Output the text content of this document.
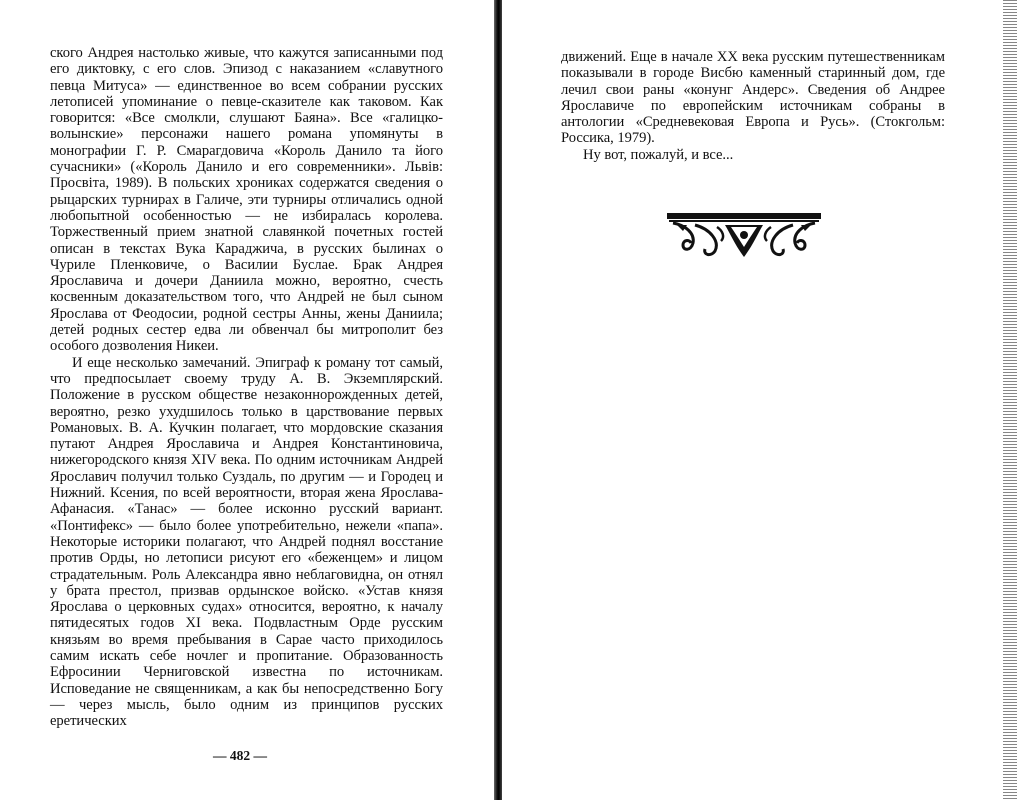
ского Андрея настолько живые, что кажутся записанными под его диктовку, с его слов. Эпизод с наказанием «славутного певца Митуса» — единственное во всем собрании русских летописей упоминание о певце-сказителе как таковом. Как говорится: «Все смолкли, слушают Баяна». Все «галицко-волынские» персонажи нашего романа упомянуты в монографии Г. Р. Смарагдовича «Король Данило та його сучасники» («Король Данило и его современники». Львів: Просвіта, 1989). В польских хрониках содержатся сведения о рыцарских турнирах в Галиче, эти турниры отличались одной любопытной особенностью — не избиралась королева. Торжественный прием знатной славянкой почетных гостей описан в текстах Вука Караджича, в русских былинах о Чуриле Пленковиче, о Василии Буслае. Брак Андрея Ярославича и дочери Даниила можно, вероятно, счесть косвенным доказательством того, что Андрей не был сыном Ярослава от Феодосии, родной сестры Анны, жены Даниила; детей родных сестер едва ли обвенчал бы митрополит без особого дозволения Никеи.

И еще несколько замечаний. Эпиграф к роману тот самый, что предпосылает своему труду А. В. Экземплярский. Положение в русском обществе незаконнорожденных детей, вероятно, резко ухудшилось только в царствование первых Романовых. В. А. Кучкин полагает, что мордовские сказания путают Андрея Ярославича и Андрея Константиновича, нижегородского князя XIV века. По одним источникам Андрей Ярославич получил только Суздаль, по другим — и Городец и Нижний. Ксения, по всей вероятности, вторая жена Ярослава-Афанасия. «Танас» — более исконно русский вариант. «Понтифекс» — было более употребительно, нежели «папа». Некоторые историки полагают, что Андрей поднял восстание против Орды, но летописи рисуют его «беженцем» и лицом страдательным. Роль Александра явно неблаговидна, он отнял у брата престол, призвав ордынское войско. «Устав князя Ярослава о церковных судах» относится, вероятно, к началу пятидесятых годов XI века. Подвластным Орде русским князьям во время пребывания в Сарае часто приходилось самим искать себе ночлег и пропитание. Образованность Ефросинии Черниговской известна по источникам. Исповедание не священникам, а как бы непосредственно Богу — через мысль, было одним из принципов русских еретических

— 482 —

движений. Еще в начале XX века русским путешественникам показывали в городе Висбю каменный старинный дом, где лечил свои раны «конунг Андерс». Сведения об Андрее Ярославиче по европейским источникам собраны в антологии «Средневековая Европа и Русь». (Стокгольм: Россика, 1979).

Ну вот, пожалуй, и все...
